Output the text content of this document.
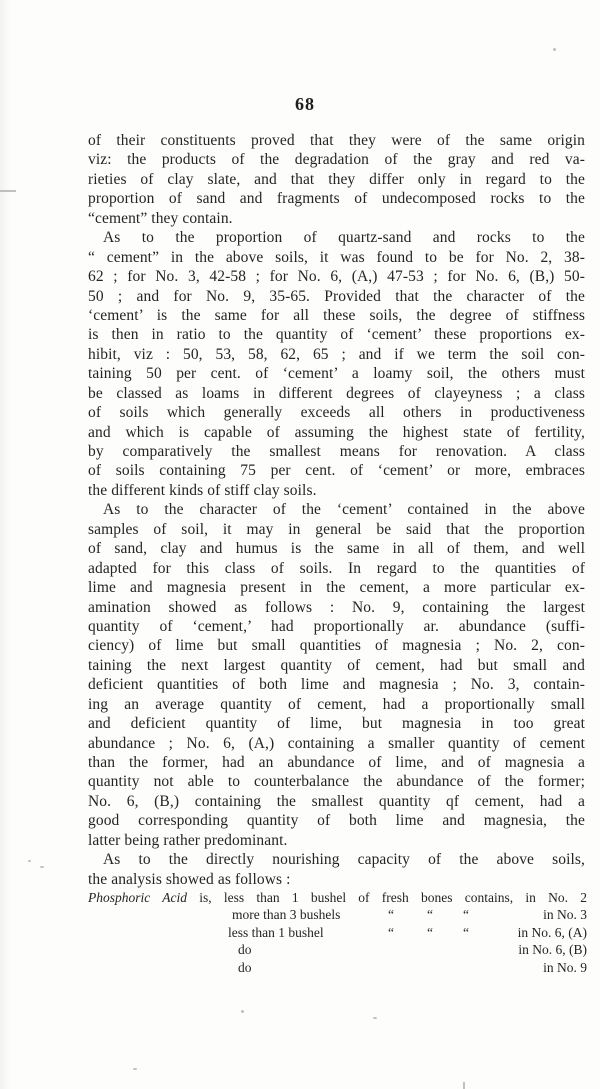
68
of their constituents proved that they were of the same origin
viz: the products of the degradation of the gray and red va-
rieties of clay slate, and that they differ only in regard to the
proportion of sand and fragments of undecomposed rocks to the
“cement” they contain.
As to the proportion of quartz-sand and rocks to the
“ cement” in the above soils, it was found to be for No. 2, 38-
62 ; for No. 3, 42-58 ; for No. 6, (A,) 47-53 ; for No. 6, (B,) 50-
50 ; and for No. 9, 35-65. Provided that the character of the
‘cement’ is the same for all these soils, the degree of stiffness
is then in ratio to the quantity of ‘cement’ these proportions ex-
hibit, viz : 50, 53, 58, 62, 65 ; and if we term the soil con-
taining 50 per cent. of ‘cement’ a loamy soil, the others must
be classed as loams in different degrees of clayeyness ; a class
of soils which generally exceeds all others in productiveness
and which is capable of assuming the highest state of fertility,
by comparatively the smallest means for renovation. A class
of soils containing 75 per cent. of ‘cement’ or more, embraces
the different kinds of stiff clay soils.
As to the character of the ‘cement’ contained in the above
samples of soil, it may in general be said that the proportion
of sand, clay and humus is the same in all of them, and well
adapted for this class of soils. In regard to the quantities of
lime and magnesia present in the cement, a more particular ex-
amination showed as follows : No. 9, containing the largest
quantity of ‘cement,’ had proportionally ar. abundance (suffi-
ciency) of lime but small quantities of magnesia ; No. 2, con-
taining the next largest quantity of cement, had but small and
deficient quantities of both lime and magnesia ; No. 3, contain-
ing an average quantity of cement, had a proportionally small
and deficient quantity of lime, but magnesia in too great
abundance ; No. 6, (A,) containing a smaller quantity of cement
than the former, had an abundance of lime, and of magnesia a
quantity not able to counterbalance the abundance of the former;
No. 6, (B,) containing the smallest quantity qf cement, had a
good corresponding quantity of both lime and magnesia, the
latter being rather predominant.
As to the directly nourishing capacity of the above soils,
the analysis showed as follows :
Phosphoric Acid is, less than 1 bushel of fresh bones contains, in No. 2
more than 3 bushels	“ “ “	in No. 3
less than 1 bushel	“ “ “	in No. 6, (A)
do	in No. 6, (B)
do	in No. 9
